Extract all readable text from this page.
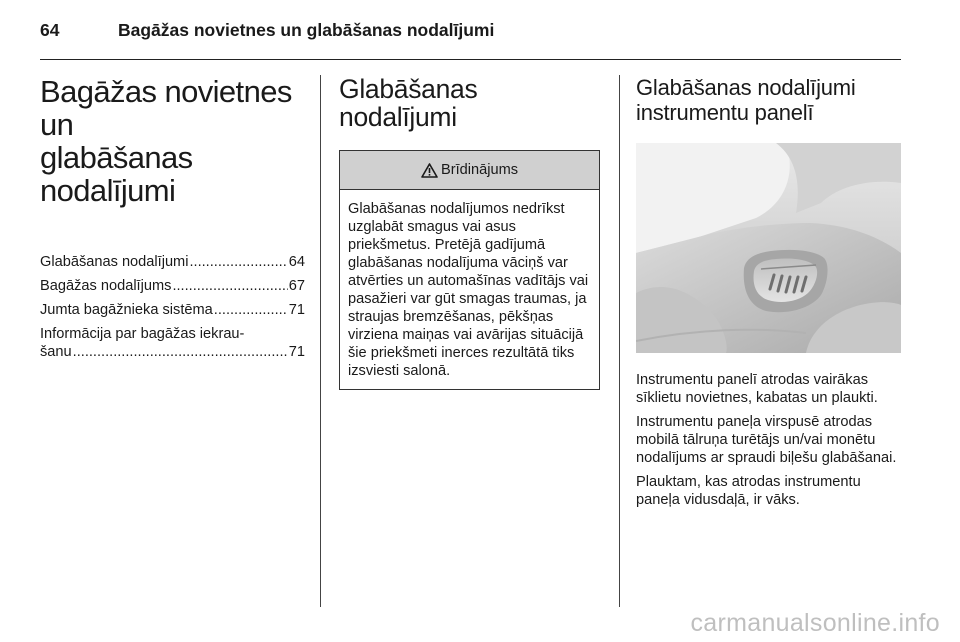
64	Bagāžas novietnes un glabāšanas nodalījumi
Bagāžas novietnes un
glabāšanas nodalījumi
Glabāšanas nodalījumi .....	64
Bagāžas nodalījums .....	67
Jumta bagāžnieka sistēma .....	71
Informācija par bagāžas iekrau-
šanu .....	71
Glabāšanas nodalījumi
Brīdinājums
Glabāšanas nodalījumos nedrīkst uzglabāt smagus vai asus priekšmetus. Pretējā gadījumā glabāšanas nodalījuma vāciņš var atvērties un automašīnas vadītājs vai pasažieri var gūt smagas traumas, ja straujas bremzēšanas, pēkšņas virziena maiņas vai avārijas situācijā šie priekšmeti inerces rezultātā tiks izsviesti salonā.
Glabāšanas nodalījumi
instrumentu panelī

Instrumentu panelī atrodas vairākas sīklietu novietnes, kabatas un plaukti.

Instrumentu paneļa virspusē atrodas mobilā tālruņa turētājs un/vai monētu nodalījums ar spraudi biļešu glabāšanai.

Plauktam, kas atrodas instrumentu paneļa vidusdaļā, ir vāks.

carmanualsonline.info
